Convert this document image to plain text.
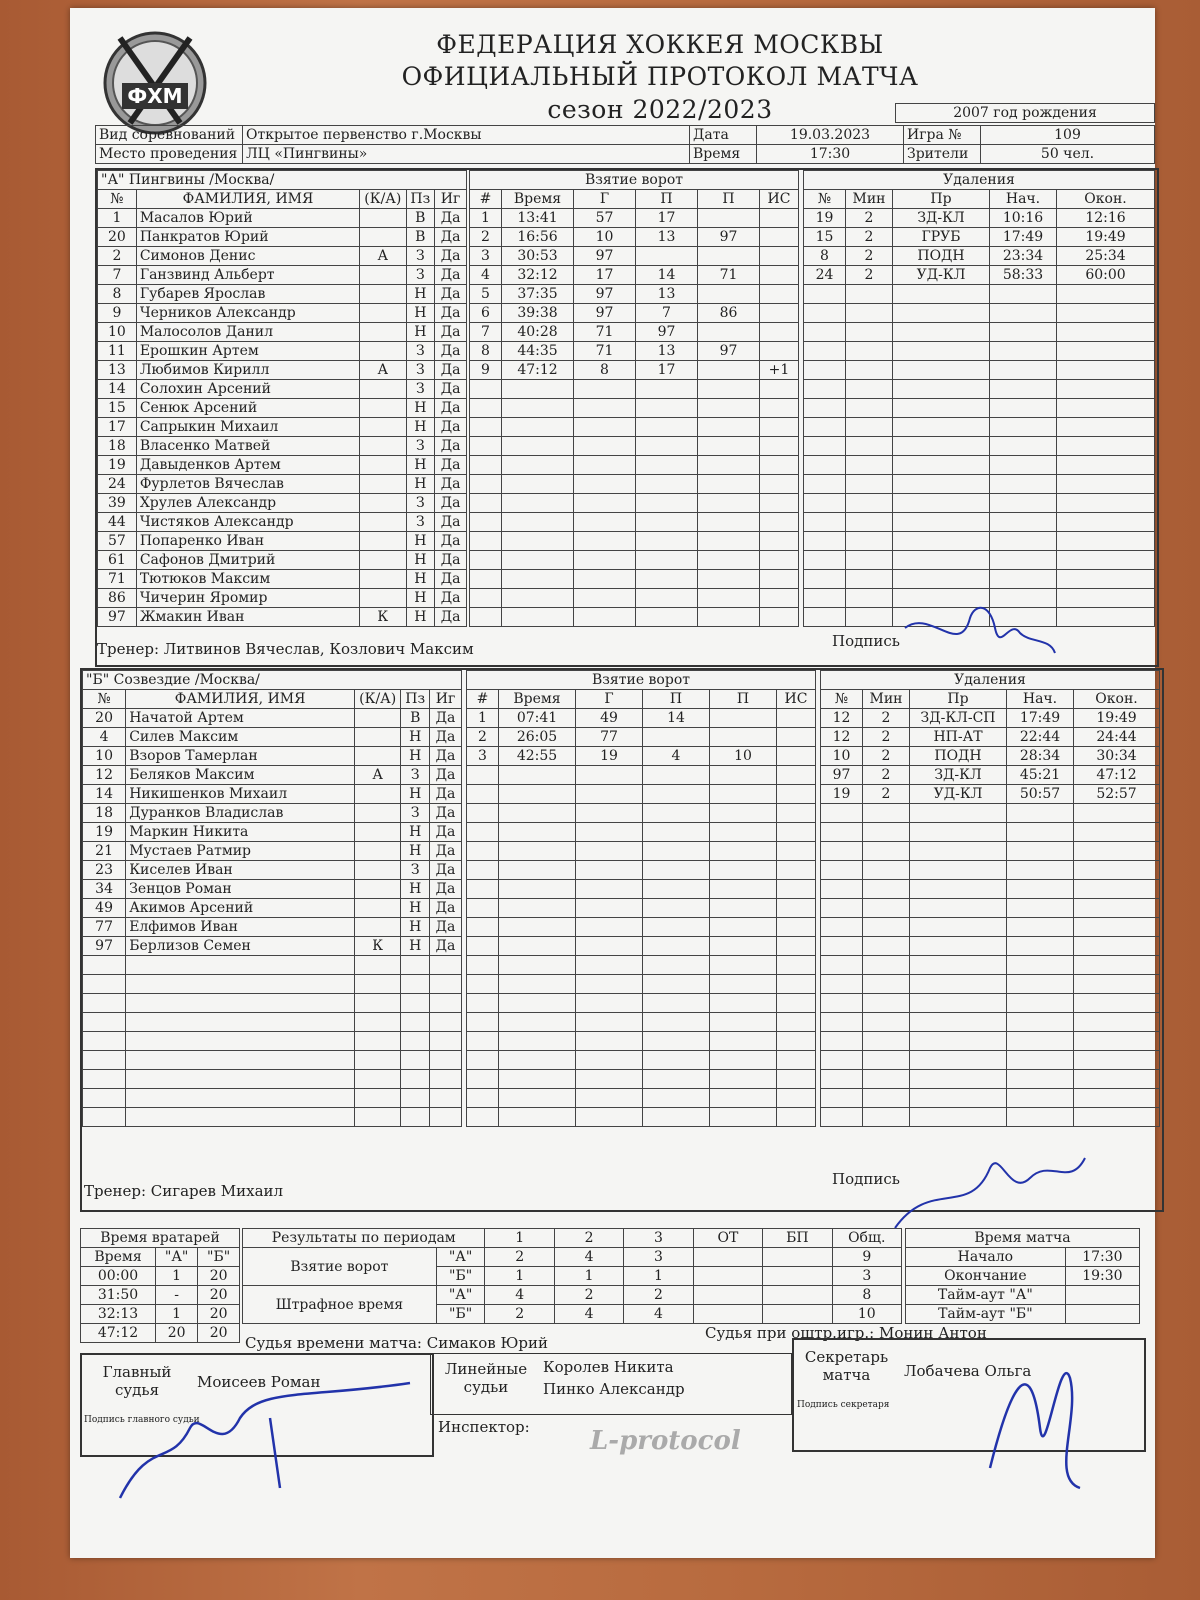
ФХМ
ФЕДЕРАЦИЯ ХОККЕЯ МОСКВЫ
ОФИЦИАЛЬНЫЙ ПРОТОКОЛ МАТЧА
сезон 2022/2023	2007 год рождения
Вид соревнований	Открытое первенство г.Москвы	Дата	19.03.2023	Игра №	109
Место проведения	ЛЦ «Пингвины»	Время	17:30	Зрители	50 чел.
"А" Пингвины /Москва/				
№	ФАМИЛИЯ, ИМЯ	(К/А)	Пз	Иг
1	Масалов Юрий		В	Да
20	Панкратов Юрий		В	Да
2	Симонов Денис	А	З	Да
7	Ганзвинд Альберт		З	Да
8	Губарев Ярослав		Н	Да
9	Черников Александр		Н	Да
10	Малосолов Данил		Н	Да
11	Ерошкин Артем		З	Да
13	Любимов Кирилл	А	З	Да
14	Солохин Арсений		З	Да
15	Сенюк Арсений		Н	Да
17	Сапрыкин Михаил		Н	Да
18	Власенко Матвей		З	Да
19	Давыденков Артем		Н	Да
24	Фурлетов Вячеслав		Н	Да
39	Хрулев Александр		З	Да
44	Чистяков Александр		З	Да
57	Попаренко Иван		Н	Да
61	Сафонов Дмитрий		Н	Да
71	Тютюков Максим		Н	Да
86	Чичерин Яромир		Н	Да
97	Жмакин Иван	К	Н	Да
Взятие ворот					
#	Время	Г	П	П	ИС
1	13:41	57	17		
2	16:56	10	13	97	
3	30:53	97			
4	32:12	17	14	71	
5	37:35	97	13		
6	39:38	97	7	86	
7	40:28	71	97		
8	44:35	71	13	97	
9	47:12	8	17		+1

Удаления				
№	Мин	Пр	Нач.	Окон.
19	2	ЗД-КЛ	10:16	12:16
15	2	ГРУБ	17:49	19:49
8	2	ПОДН	23:34	25:34
24	2	УД-КЛ	58:33	60:00

Тренер: Литвинов Вячеслав, Козлович Максим	Подпись
"Б" Созвездие /Москва/				
№	ФАМИЛИЯ, ИМЯ	(К/А)	Пз	Иг
20	Начатой Артем		В	Да
4	Силев Максим		Н	Да
10	Взоров Тамерлан		Н	Да
12	Беляков Максим	А	З	Да
14	Никишенков Михаил		Н	Да
18	Дуранков Владислав		З	Да
19	Маркин Никита		Н	Да
21	Мустаев Ратмир		Н	Да
23	Киселев Иван		З	Да
34	Зенцов Роман		Н	Да
49	Акимов Арсений		Н	Да
77	Елфимов Иван		Н	Да
97	Берлизов Семен	К	Н	Да

Взятие ворот					
#	Время	Г	П	П	ИС
1	07:41	49	14		
2	26:05	77			
3	42:55	19	4	10	

Удаления				
№	Мин	Пр	Нач.	Окон.
12	2	ЗД-КЛ-СП	17:49	19:49
12	2	НП-АТ	22:44	24:44
10	2	ПОДН	28:34	30:34
97	2	ЗД-КЛ	45:21	47:12
19	2	УД-КЛ	50:57	52:57

Тренер: Сигарев Михаил
Подпись
Время вратарей		
Время	"А"	"Б"
00:00	1	20
31:50	-	20
32:13	1	20
47:12	20	20
Результаты по периодам		1	2	3	ОТ	БП	Общ.
Взятие ворот	"А"	2	4	3			9
	"Б"	1	1	1			3
Штрафное время	"А"	4	2	2			8
	"Б"	2	4	4			10
Время матча	
Начало	17:30
Окончание	19:30
Тайм-аут "А"	
Тайм-аут "Б"	
Судья времени матча: Симаков Юрий
Судья при оштр.игр.: Монин Антон
Главный судья	Моисеев Роман
Подпись главного судьи
Линейные судьи
Королев Никита
Пинко Александр
Инспектор:
Секретарь матча	Лобачева Ольга
Подпись секретаря
L-protocol
